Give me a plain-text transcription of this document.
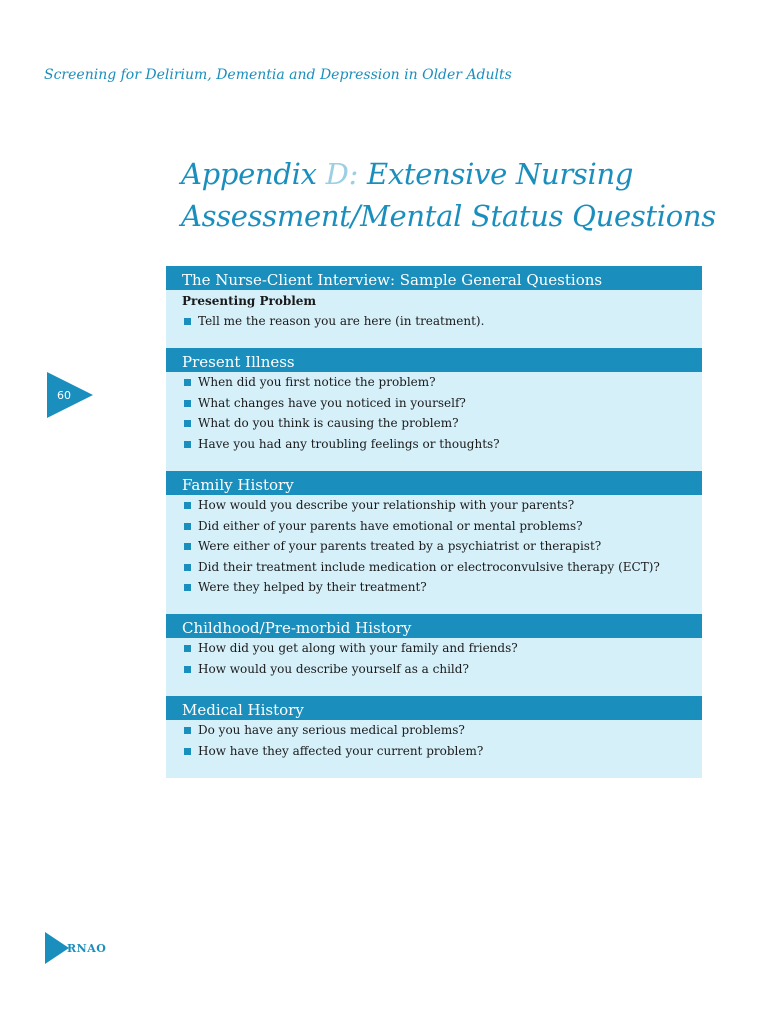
Screening for Delirium, Dementia and Depression in Older Adults
Appendix D: Extensive Nursing
Assessment/Mental Status Questions
60
The Nurse-Client Interview: Sample General Questions
Presenting Problem
Tell me the reason you are here (in treatment).
Present Illness
When did you first notice the problem?
What changes have you noticed in yourself?
What do you think is causing the problem?
Have you had any troubling feelings or thoughts?
Family History
How would you describe your relationship with your parents?
Did either of your parents have emotional or mental problems?
Were either of your parents treated by a psychiatrist or therapist?
Did their treatment include medication or electroconvulsive therapy (ECT)?
Were they helped by their treatment?
Childhood/Pre-morbid History
How did you get along with your family and friends?
How would you describe yourself as a child?
Medical History
Do you have any serious medical problems?
How have they affected your current problem?
RNAO
